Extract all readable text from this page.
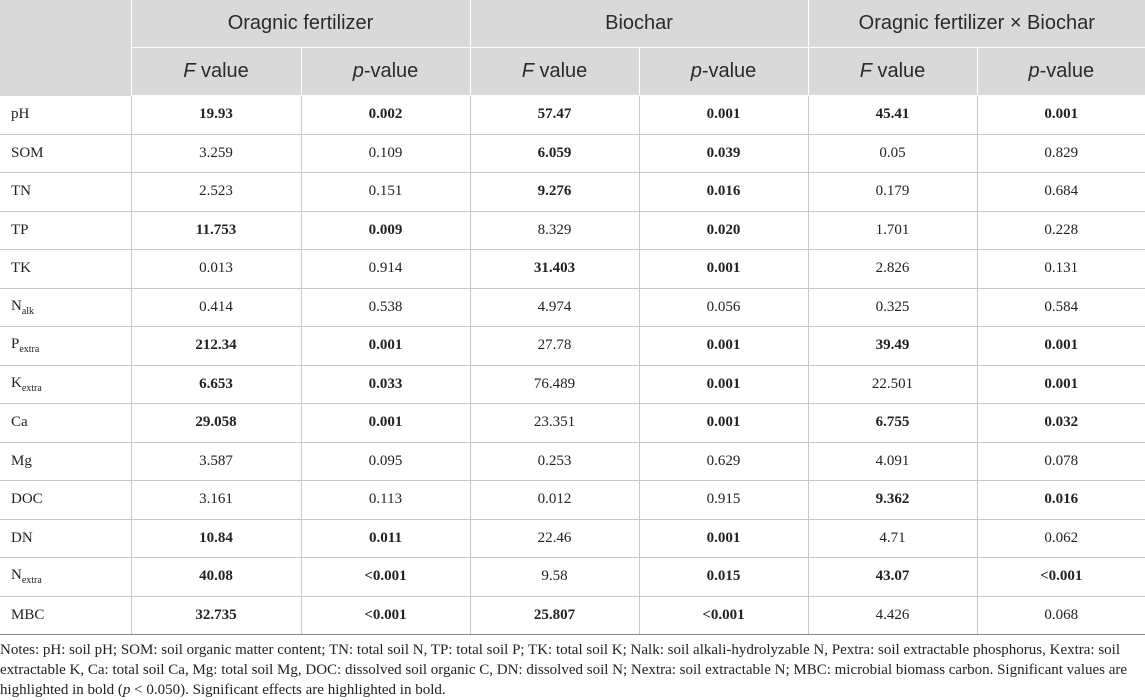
	Oragnic fertilizer		Biochar		Oragnic fertilizer × Biochar	
	F value	p-value	F value	p-value	F value	p-value
pH	19.93	0.002	57.47	0.001	45.41	0.001
SOM	3.259	0.109	6.059	0.039	0.05	0.829
TN	2.523	0.151	9.276	0.016	0.179	0.684
TP	11.753	0.009	8.329	0.020	1.701	0.228
TK	0.013	0.914	31.403	0.001	2.826	0.131
$N_{alk}$	0.414	0.538	4.974	0.056	0.325	0.584
$P_{extra}$	212.34	0.001	27.78	0.001	39.49	0.001
$K_{extra}$	6.653	0.033	76.489	0.001	22.501	0.001
Ca	29.058	0.001	23.351	0.001	6.755	0.032
Mg	3.587	0.095	0.253	0.629	4.091	0.078
DOC	3.161	0.113	0.012	0.915	9.362	0.016
DN	10.84	0.011	22.46	0.001	4.71	0.062
$N_{extra}$	40.08	<0.001	9.58	0.015	43.07	<0.001
MBC	32.735	<0.001	25.807	<0.001	4.426	0.068

Notes: pH: soil pH; SOM: soil organic matter content; TN: total soil N, TP: total soil P; TK: total soil K; Nalk: soil alkali-hydrolyzable N, Pextra: soil extractable phosphorus, Kextra: soil extractable K, Ca: total soil Ca, Mg: total soil Mg, DOC: dissolved soil organic C, DN: dissolved soil N; Nextra: soil extractable N; MBC: microbial biomass carbon. Significant values are highlighted in bold (p < 0.050). Significant effects are highlighted in bold.
